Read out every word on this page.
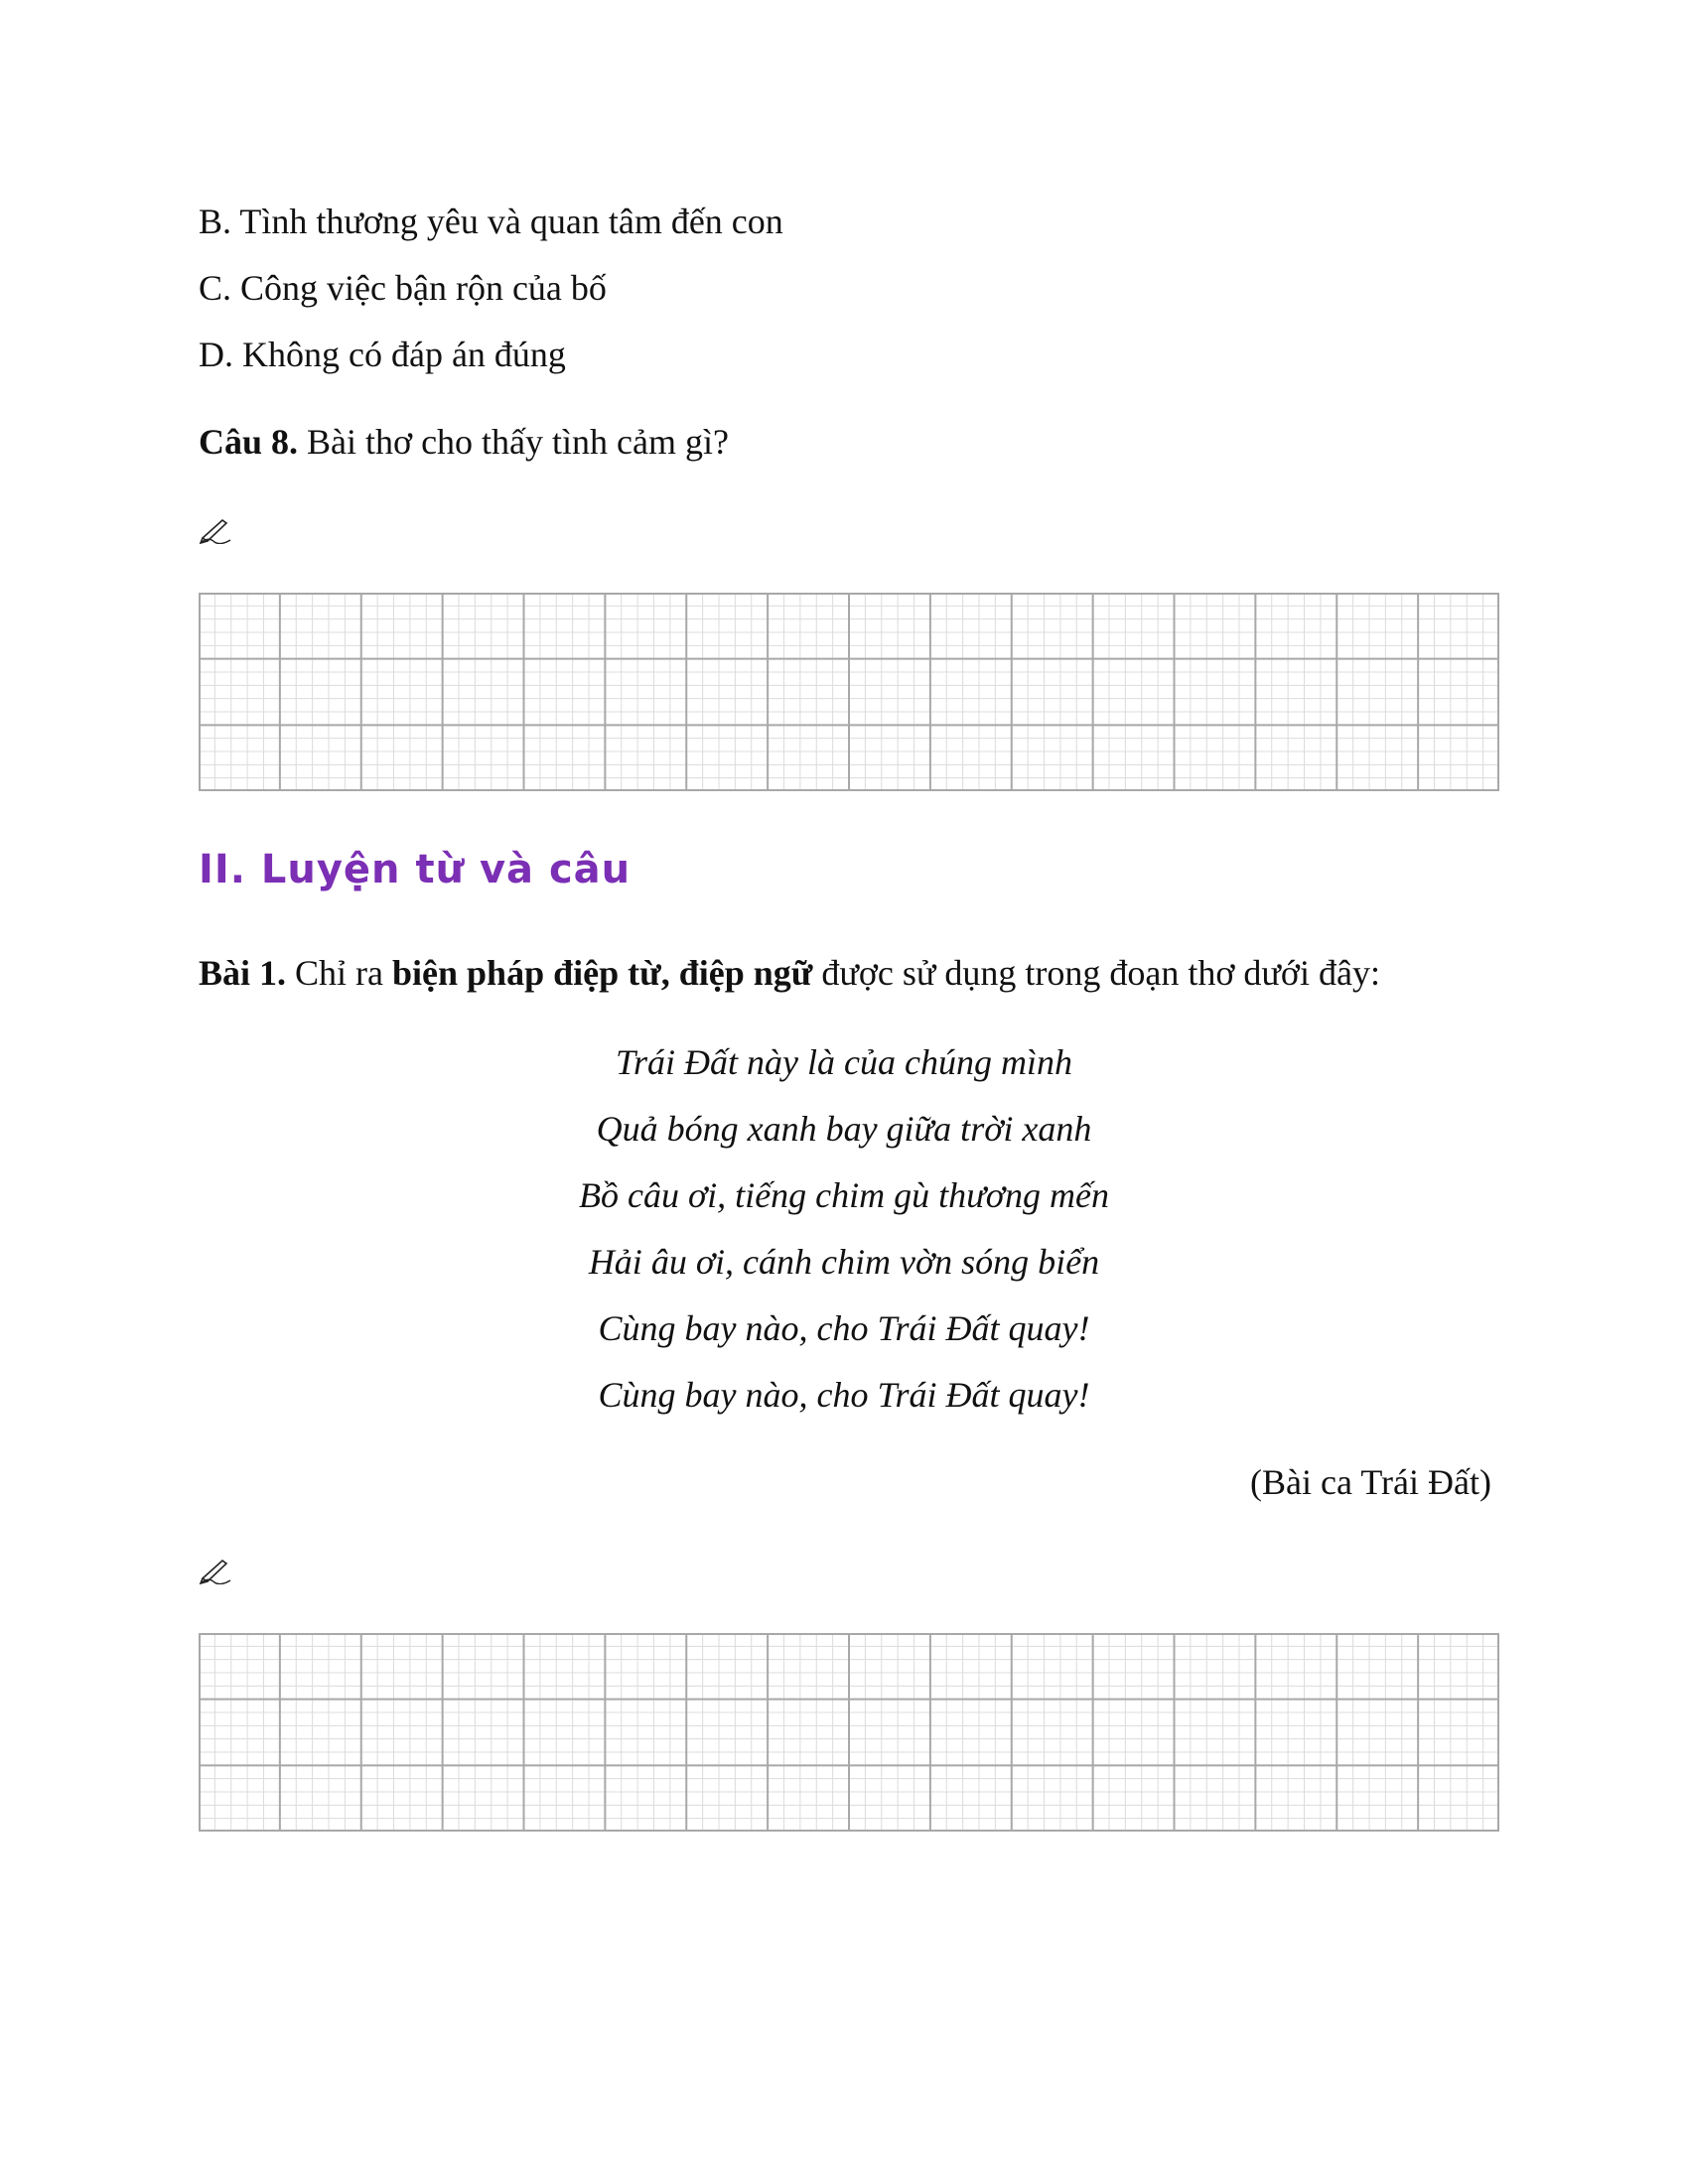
B. Tình thương yêu và quan tâm đến con
C. Công việc bận rộn của bố
D. Không có đáp án đúng
Câu 8. Bài thơ cho thấy tình cảm gì?
II. Luyện từ và câu
Bài 1. Chỉ ra biện pháp điệp từ, điệp ngữ được sử dụng trong đoạn thơ dưới đây:
Trái Đất này là của chúng mình
Quả bóng xanh bay giữa trời xanh
Bồ câu ơi, tiếng chim gù thương mến
Hải âu ơi, cánh chim vờn sóng biển
Cùng bay nào, cho Trái Đất quay!
Cùng bay nào, cho Trái Đất quay!
(Bài ca Trái Đất)
